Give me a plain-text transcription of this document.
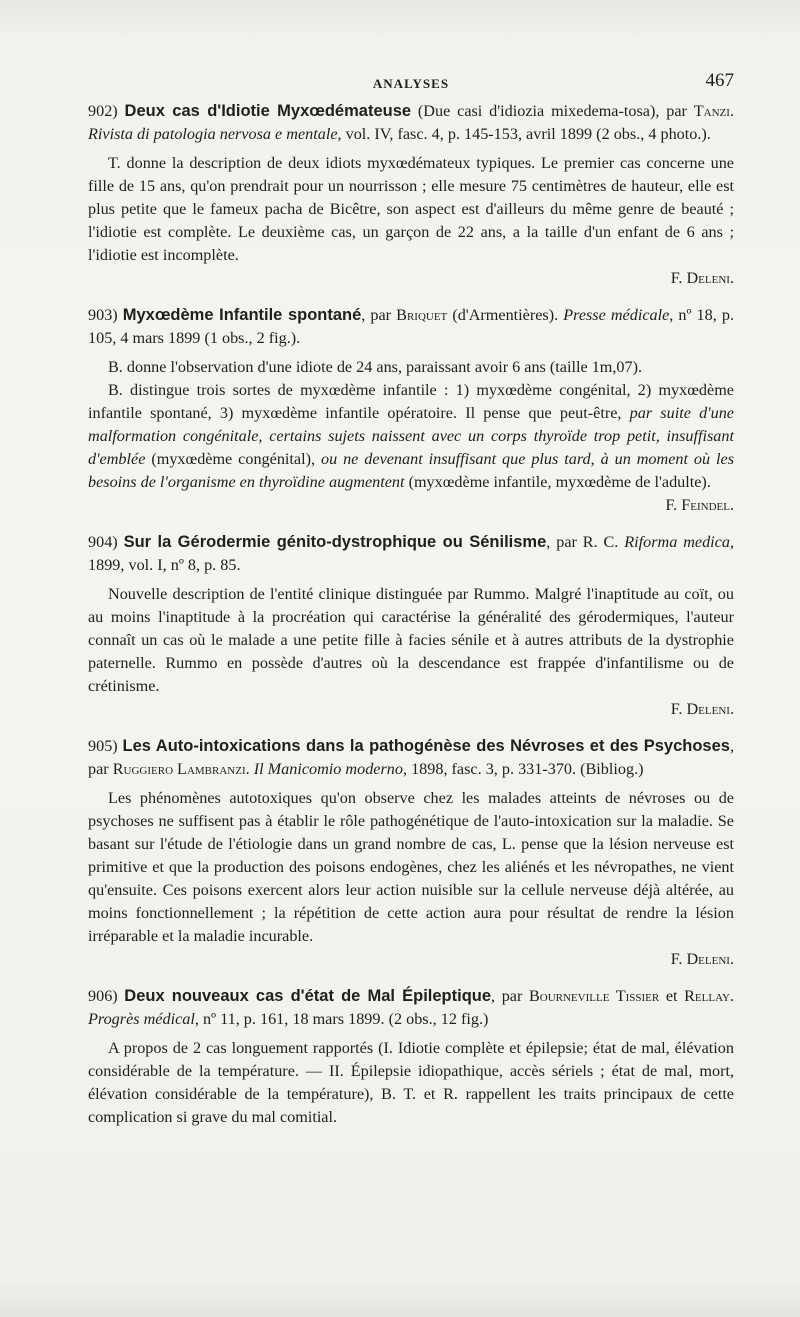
ANALYSES	467
902) Deux cas d'Idiotie Myxœdémateuse (Due casi d'idiozia mixedema-tosa), par Tanzi. Rivista di patologia nervosa e mentale, vol. IV, fasc. 4, p. 145-153, avril 1899 (2 obs., 4 photo.).

T. donne la description de deux idiots myxœdémateux typiques. Le premier cas concerne une fille de 15 ans, qu'on prendrait pour un nourrisson ; elle mesure 75 centimètres de hauteur, elle est plus petite que le fameux pacha de Bicêtre, son aspect est d'ailleurs du même genre de beauté ; l'idiotie est complète. Le deuxième cas, un garçon de 22 ans, a la taille d'un enfant de 6 ans ; l'idiotie est incomplète.

F. Deleni.
903) Myxœdème Infantile spontané, par Briquet (d'Armentières). Presse médicale, nº 18, p. 105, 4 mars 1899 (1 obs., 2 fig.).

B. donne l'observation d'une idiote de 24 ans, paraissant avoir 6 ans (taille 1m,07).

B. distingue trois sortes de myxœdème infantile : 1) myxœdème congénital, 2) myxœdème infantile spontané, 3) myxœdème infantile opératoire. Il pense que peut-être, par suite d'une malformation congénitale, certains sujets naissent avec un corps thyroïde trop petit, insuffisant d'emblée (myxœdème congénital), ou ne devenant insuffisant que plus tard, à un moment où les besoins de l'organisme en thyroïdine augmentent (myxœdème infantile, myxœdème de l'adulte).

F. Feindel.
904) Sur la Gérodermie génito-dystrophique ou Sénilisme, par R. C. Riforma medica, 1899, vol. I, nº 8, p. 85.

Nouvelle description de l'entité clinique distinguée par Rummo. Malgré l'inaptitude au coït, ou au moins l'inaptitude à la procréation qui caractérise la généralité des gérodermiques, l'auteur connaît un cas où le malade a une petite fille à facies sénile et à autres attributs de la dystrophie paternelle. Rummo en possède d'autres où la descendance est frappée d'infantilisme ou de crétinisme.

F. Deleni.
905) Les Auto-intoxications dans la pathogénèse des Névroses et des Psychoses, par Ruggiero Lambranzi. Il Manicomio moderno, 1898, fasc. 3, p. 331-370. (Bibliog.)

Les phénomènes autotoxiques qu'on observe chez les malades atteints de névroses ou de psychoses ne suffisent pas à établir le rôle pathogénétique de l'auto-intoxication sur la maladie. Se basant sur l'étude de l'étiologie dans un grand nombre de cas, L. pense que la lésion nerveuse est primitive et que la production des poisons endogènes, chez les aliénés et les névropathes, ne vient qu'ensuite. Ces poisons exercent alors leur action nuisible sur la cellule nerveuse déjà altérée, au moins fonctionnellement ; la répétition de cette action aura pour résultat de rendre la lésion irréparable et la maladie incurable.

F. Deleni.
906) Deux nouveaux cas d'état de Mal Épileptique, par Bourneville Tissier et Rellay. Progrès médical, nº 11, p. 161, 18 mars 1899. (2 obs., 12 fig.)

A propos de 2 cas longuement rapportés (I. Idiotie complète et épilepsie; état de mal, élévation considérable de la température. — II. Épilepsie idiopathique, accès sériels ; état de mal, mort, élévation considérable de la température), B. T. et R. rappellent les traits principaux de cette complication si grave du mal comitial.
